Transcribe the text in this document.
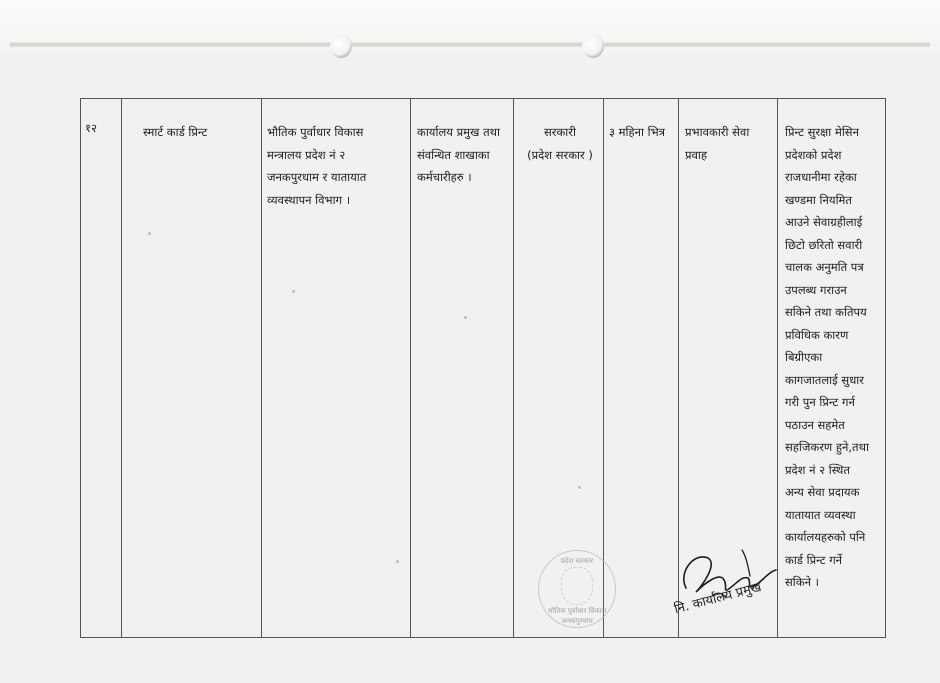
१२	स्मार्ट कार्ड प्रिन्ट	भौतिक पुर्वाधार विकास
मन्त्रालय प्रदेश नं २
जनकपुरधाम र यातायात
व्यवस्थापन विभाग ।
कार्यालय प्रमुख तथा
संवन्धित शाखाका
कर्मचारीहरु ।
सरकारी
(प्रदेश सरकार )
३ महिना भित्र प्रभावकारी सेवा
प्रवाह
प्रिन्ट सुरक्षा मेसिन
प्रदेशको प्रदेश
राजधानीमा रहेका
खण्डमा नियमित
आउने सेवाग्रहीलाई
छिटो छरितो सवारी
चालक अनुमति पत्र
उपलब्ध गराउन
सकिने तथा कतिपय
प्रविधिक कारण
बिग्रीएका
कागजातलाई सुधार
गरी पुन प्रिन्ट गर्न
पठाउन सहमेत
सहजिकरण हुने,तथा
प्रदेश नं २ स्थित
अन्य सेवा प्रदायक
यातायात व्यवस्था
कार्यालयहरुको पनि
कार्ड प्रिन्ट गर्ने
सकिने ।
प्रदेश सरकार
भौतिक पुर्वाधार विकास
जनकपुरधाम
नि. कार्यालय प्रमुख
